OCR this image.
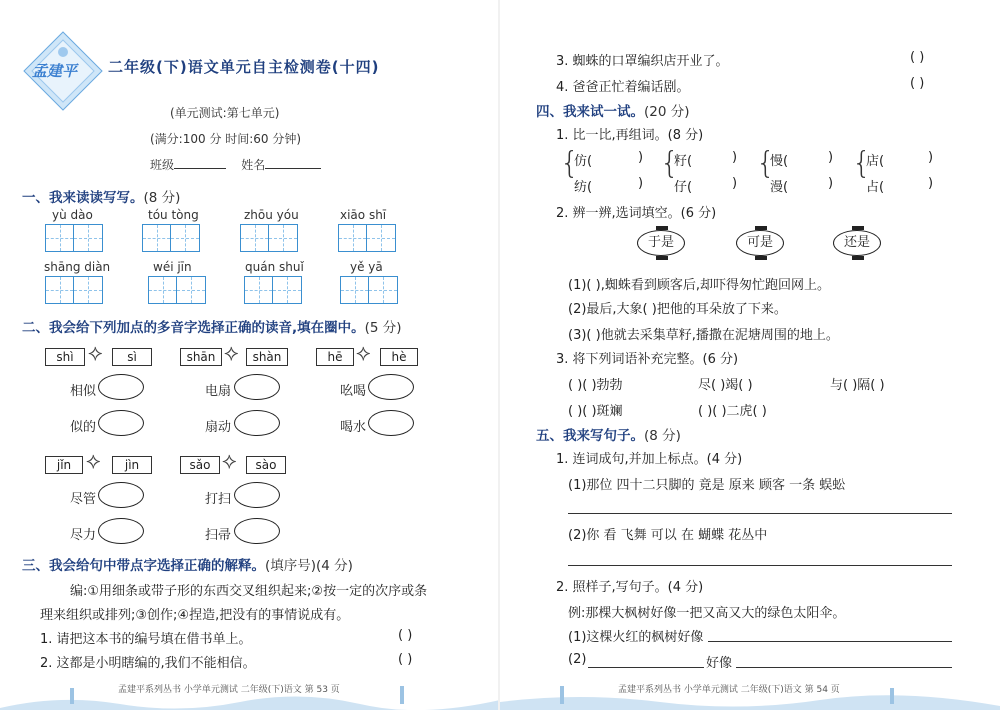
孟建平 二年级(下)语文单元自主检测卷(十四)
(单元测试:第七单元)
(满分:100 分 时间:60 分钟)
班级	姓名
一、我来读读写写。(8 分)
yù dào	tóu tòng	zhōu yóu	xiāo shī
shāng diàn	wéi jīn	quán shuǐ	yě yā
二、我会给下列加点的多音字选择正确的读音,填在圈中。(5 分)
shì ⟡	sì
相似
似的
shān ⟡	shàn
电扇
扇动
hē ⟡	hè
吆喝
喝水
jǐn ⟡	jìn
尽管
尽力
sǎo ⟡	sào
打扫
扫帚
三、我会给句中带点字选择正确的解释。(填序号)(4 分)
编:①用细条或带子形的东西交叉组织起来;②按一定的次序或条
理来组织或排列;③创作;④捏造,把没有的事情说成有。
1. 请把这本书的编号填在借书单上。	( )
2. 这都是小明瞎编的,我们不能相信。	( )
孟建平系列丛书 小学单元测试 二年级(下)语文 第 53 页
3. 蜘蛛的口罩编织店开业了。	( )
4. 爸爸正忙着编话剧。	( )
四、我来试一试。(20 分)
1. 比一比,再组词。(8 分)
{
仿(	)
纺(	)
{
籽(	)
仔(	)
{
慢(	)
漫(	)
{
店(	)
占(	)
2. 辨一辨,选词填空。(6 分)
于是	可是	还是
(1)( ),蜘蛛看到顾客后,却吓得匆忙跑回网上。
(2)最后,大象( )把他的耳朵放了下来。
(3)( )他就去采集草籽,播撒在泥塘周围的地上。
3. 将下列词语补充完整。(6 分)
( )( )勃勃	尽( )竭( )	与( )隔( )
( )( )斑斓	( )( )二虎( )
五、我来写句子。(8 分)
1. 连词成句,并加上标点。(4 分)
(1)那位 四十二只脚的 竟是 原来 顾客 一条 蜈蚣
(2)你 看 飞舞 可以 在 蝴蝶 花丛中
2. 照样子,写句子。(4 分)
例:那棵大枫树好像一把又高又大的绿色太阳伞。
(1)这棵火红的枫树好像
(2)	好像
孟建平系列丛书 小学单元测试 二年级(下)语文 第 54 页
